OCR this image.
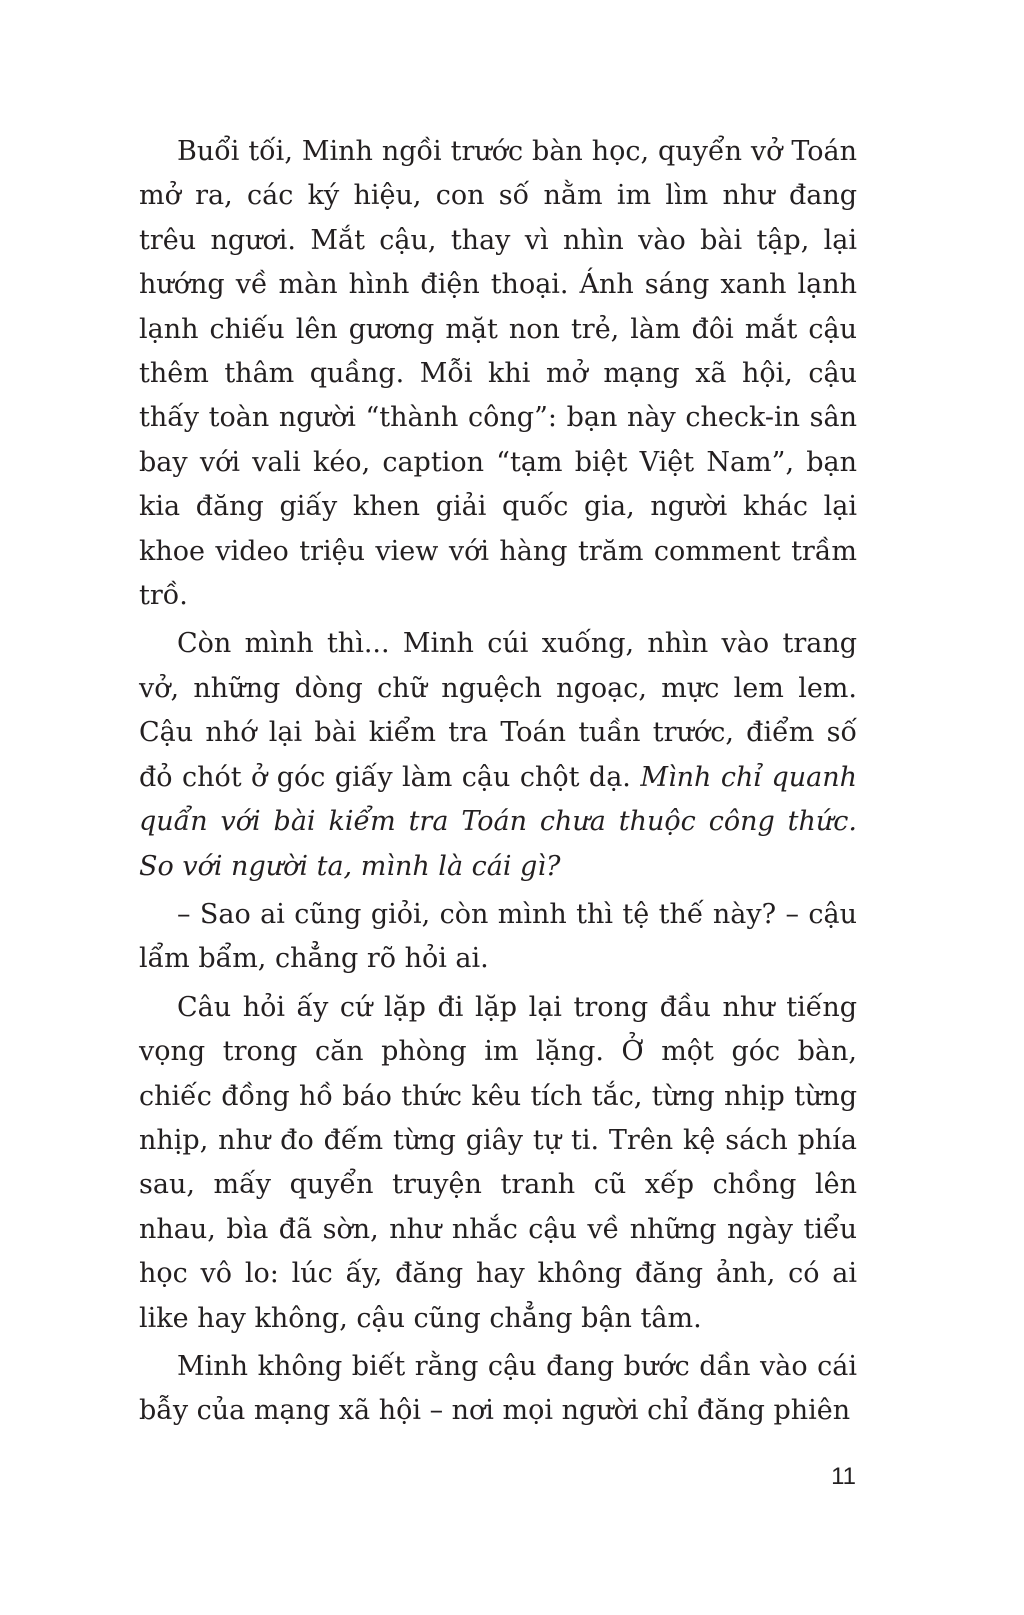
Buổi tối, Minh ngồi trước bàn học, quyển vở Toán mở ra, các ký hiệu, con số nằm im lìm như đang trêu ngươi. Mắt cậu, thay vì nhìn vào bài tập, lại hướng về màn hình điện thoại. Ánh sáng xanh lạnh lạnh chiếu lên gương mặt non trẻ, làm đôi mắt cậu thêm thâm quầng. Mỗi khi mở mạng xã hội, cậu thấy toàn người “thành công”: bạn này check-in sân bay với vali kéo, caption “tạm biệt Việt Nam”, bạn kia đăng giấy khen giải quốc gia, người khác lại khoe video triệu view với hàng trăm comment trầm trồ.

Còn mình thì... Minh cúi xuống, nhìn vào trang vở, những dòng chữ nguệch ngoạc, mực lem lem. Cậu nhớ lại bài kiểm tra Toán tuần trước, điểm số đỏ chót ở góc giấy làm cậu chột dạ. Mình chỉ quanh quẩn với bài kiểm tra Toán chưa thuộc công thức. So với người ta, mình là cái gì?

– Sao ai cũng giỏi, còn mình thì tệ thế này? – cậu lẩm bẩm, chẳng rõ hỏi ai.

Câu hỏi ấy cứ lặp đi lặp lại trong đầu như tiếng vọng trong căn phòng im lặng. Ở một góc bàn, chiếc đồng hồ báo thức kêu tích tắc, từng nhịp từng nhịp, như đo đếm từng giây tự ti. Trên kệ sách phía sau, mấy quyển truyện tranh cũ xếp chồng lên nhau, bìa đã sờn, như nhắc cậu về những ngày tiểu học vô lo: lúc ấy, đăng hay không đăng ảnh, có ai like hay không, cậu cũng chẳng bận tâm.

Minh không biết rằng cậu đang bước dần vào cái bẫy của mạng xã hội – nơi mọi người chỉ đăng phiên

11
